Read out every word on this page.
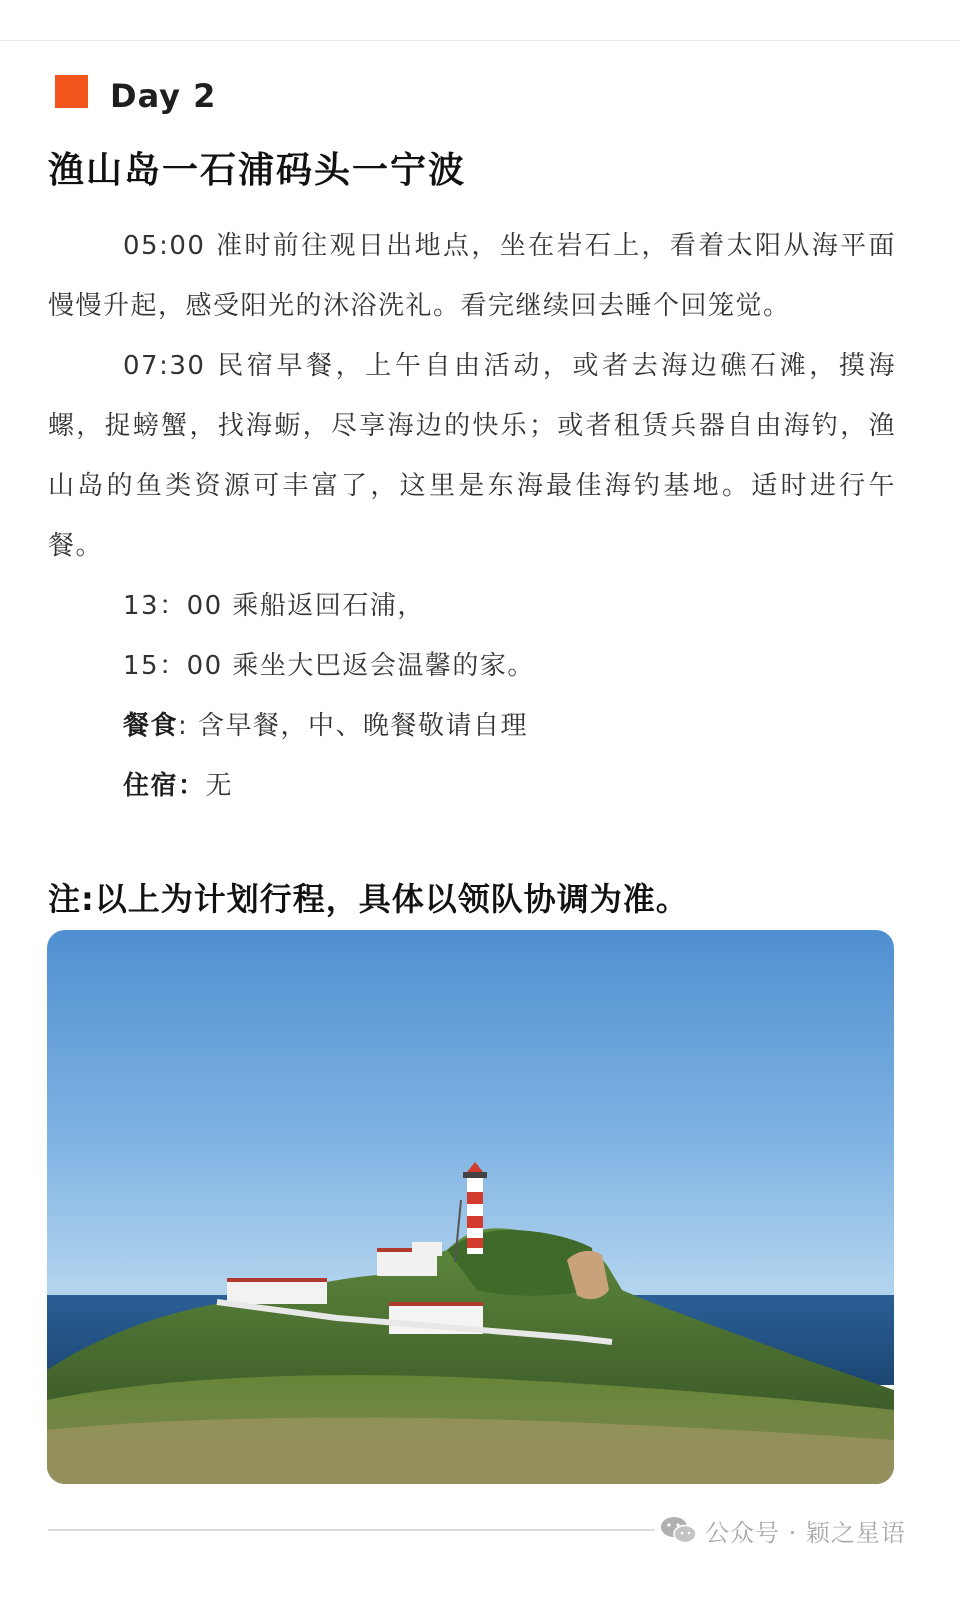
Day 2
渔山岛一石浦码头一宁波

05:00 准时前往观日出地点，坐在岩石上，看着太阳从海平面慢慢升起，感受阳光的沐浴洗礼。看完继续回去睡个回笼觉。

07:30 民宿早餐，上午自由活动，或者去海边礁石滩，摸海螺，捉螃蟹，找海蛎，尽享海边的快乐；或者租赁兵器自由海钓，渔山岛的鱼类资源可丰富了，这里是东海最佳海钓基地。适时进行午餐。

13：00 乘船返回石浦，

15：00 乘坐大巴返会温馨的家。

餐食: 含早餐，中、晚餐敬请自理

住宿：无

注:以上为计划行程，具体以领队协调为准。

公众号 · 颖之星语
